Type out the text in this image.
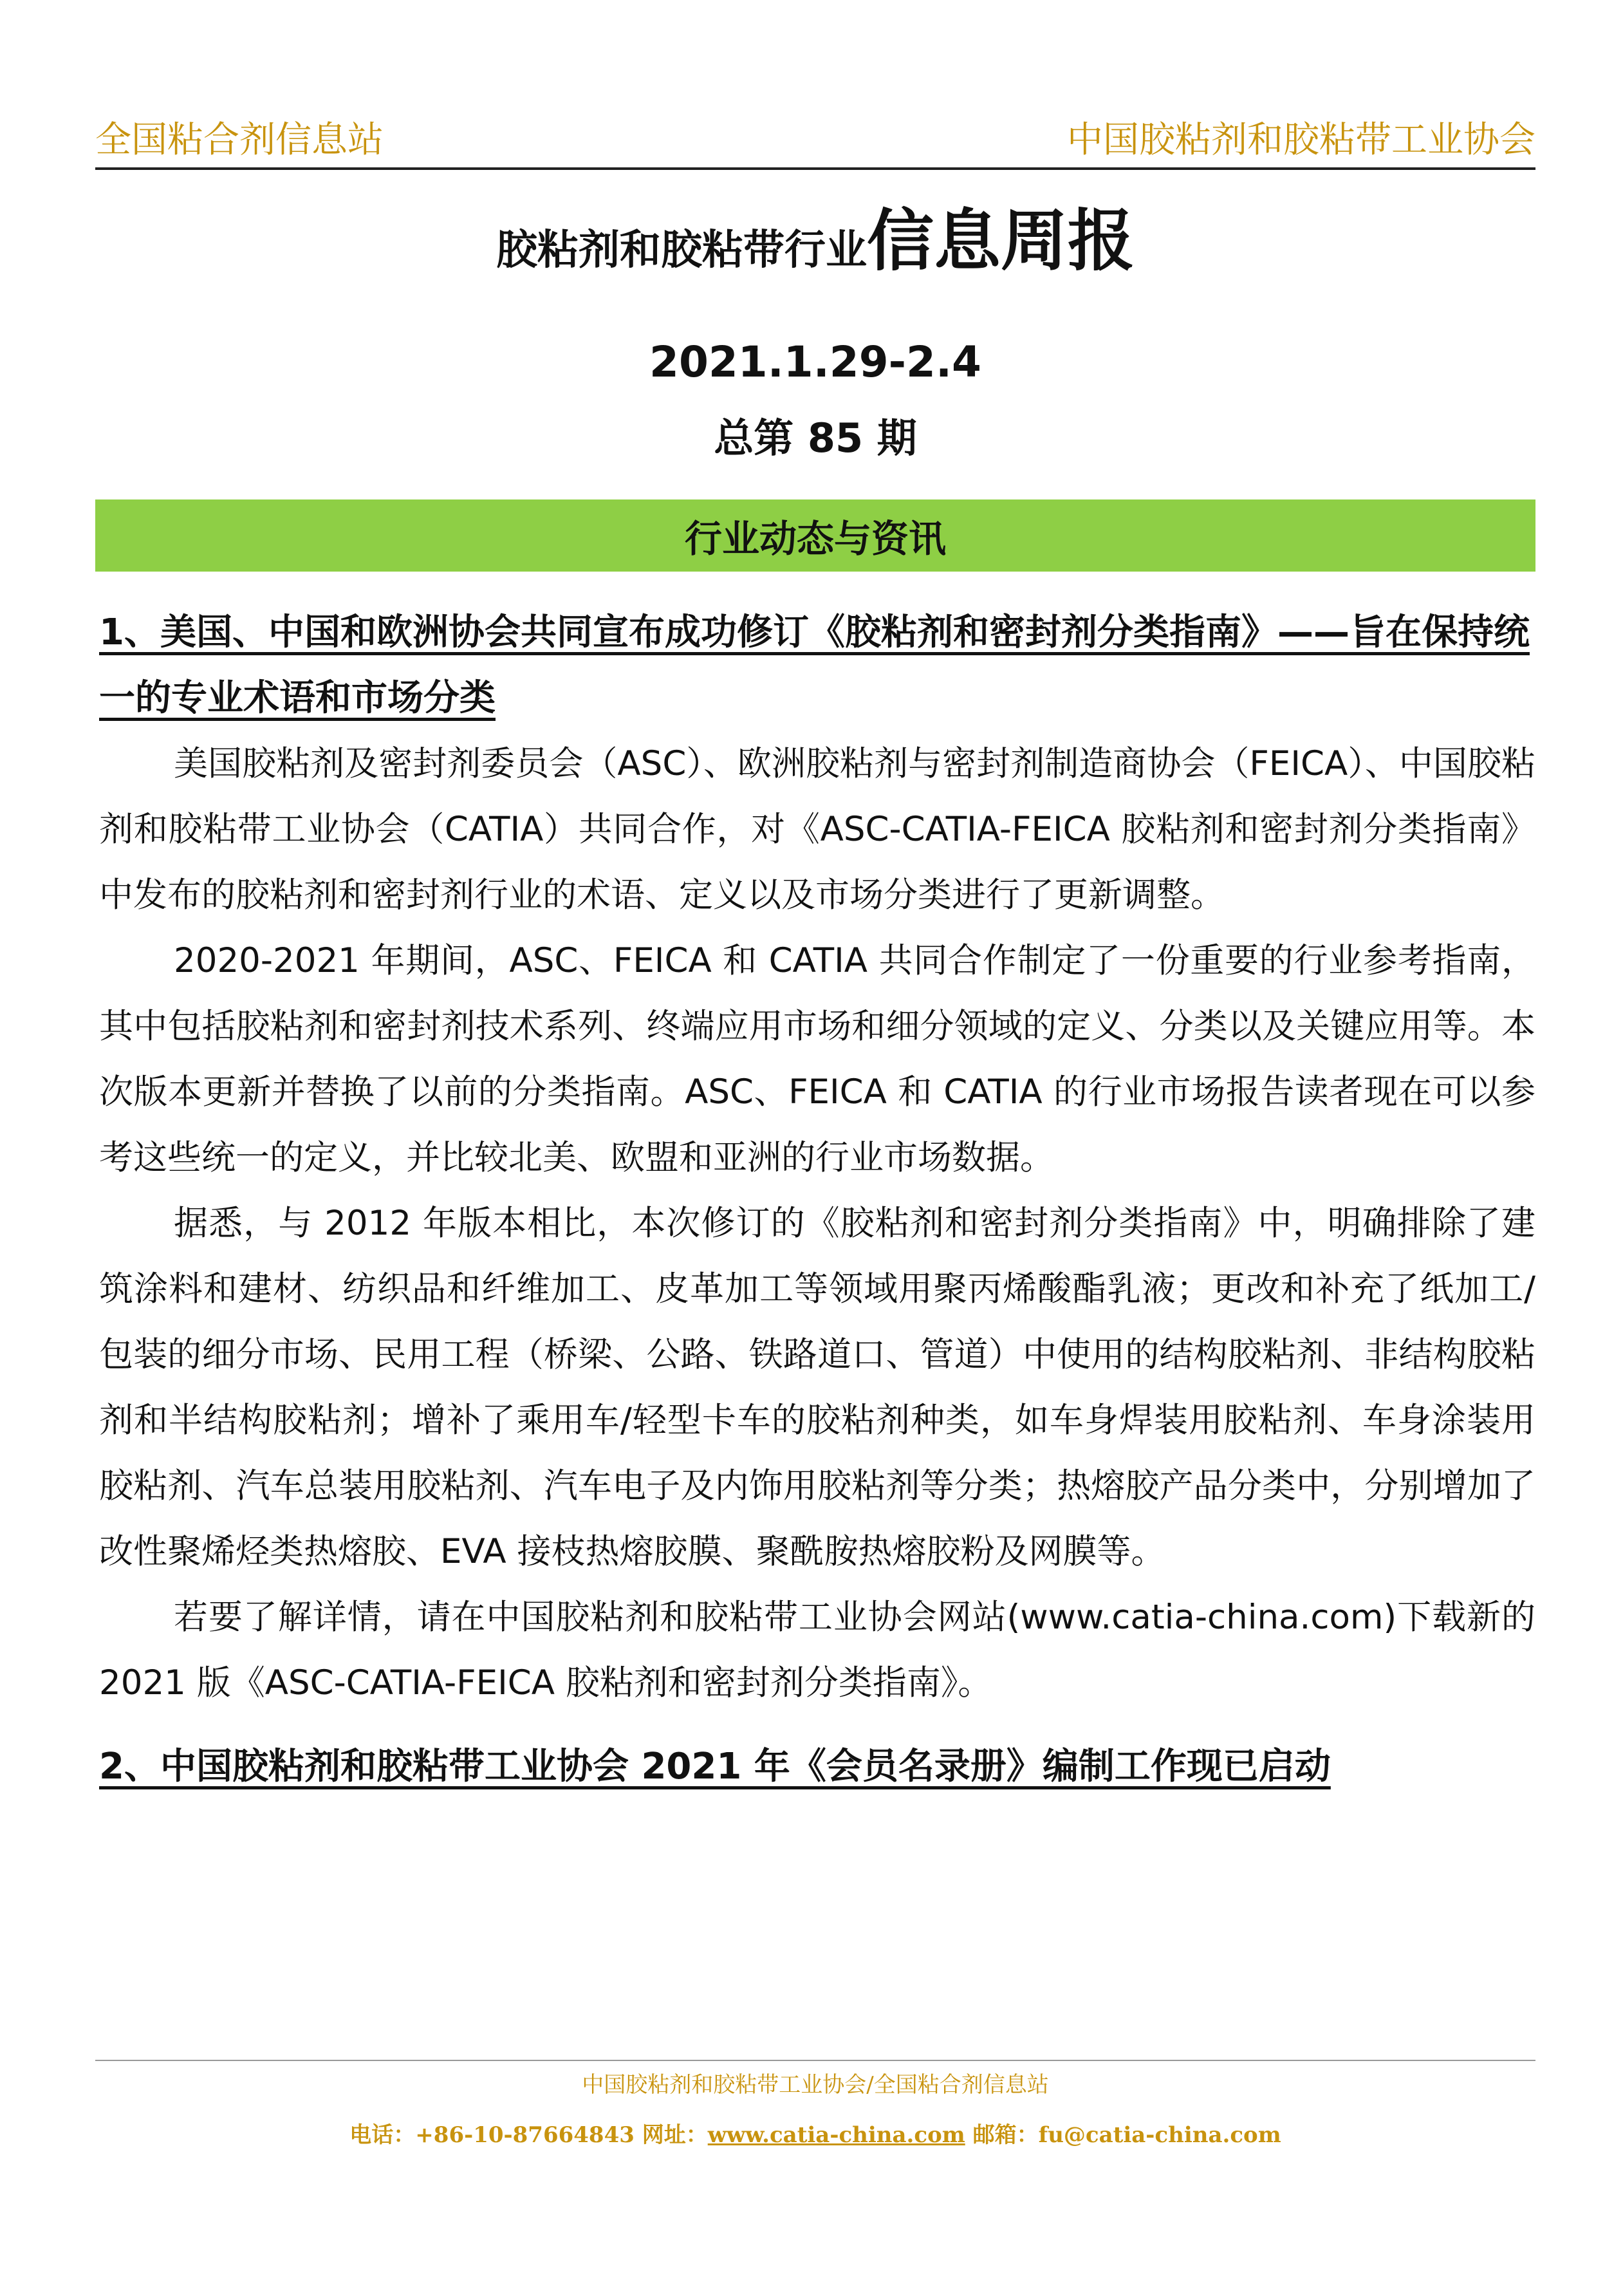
全国粘合剂信息站	中国胶粘剂和胶粘带工业协会
胶粘剂和胶粘带行业信息周报
2021.1.29-2.4
总第 85 期
行业动态与资讯

1、美国、中国和欧洲协会共同宣布成功修订《胶粘剂和密封剂分类指南》——旨在保持统一的专业术语和市场分类

美国胶粘剂及密封剂委员会（ASC）、欧洲胶粘剂与密封剂制造商协会（FEICA）、中国胶粘剂和胶粘带工业协会（CATIA）共同合作，对《ASC-CATIA-FEICA 胶粘剂和密封剂分类指南》中发布的胶粘剂和密封剂行业的术语、定义以及市场分类进行了更新调整。

2020-2021 年期间，ASC、FEICA 和 CATIA 共同合作制定了一份重要的行业参考指南，其中包括胶粘剂和密封剂技术系列、终端应用市场和细分领域的定义、分类以及关键应用等。本次版本更新并替换了以前的分类指南。ASC、FEICA 和 CATIA 的行业市场报告读者现在可以参考这些统一的定义，并比较北美、欧盟和亚洲的行业市场数据。

据悉，与 2012 年版本相比，本次修订的《胶粘剂和密封剂分类指南》中，明确排除了建筑涂料和建材、纺织品和纤维加工、皮革加工等领域用聚丙烯酸酯乳液；更改和补充了纸加工/包装的细分市场、民用工程（桥梁、公路、铁路道口、管道）中使用的结构胶粘剂、非结构胶粘剂和半结构胶粘剂；增补了乘用车/轻型卡车的胶粘剂种类，如车身焊装用胶粘剂、车身涂装用胶粘剂、汽车总装用胶粘剂、汽车电子及内饰用胶粘剂等分类；热熔胶产品分类中，分别增加了改性聚烯烃类热熔胶、EVA 接枝热熔胶膜、聚酰胺热熔胶粉及网膜等。

若要了解详情，请在中国胶粘剂和胶粘带工业协会网站(www.catia-china.com)下载新的 2021 版《ASC-CATIA-FEICA 胶粘剂和密封剂分类指南》。

2、中国胶粘剂和胶粘带工业协会 2021 年《会员名录册》编制工作现已启动

中国胶粘剂和胶粘带工业协会/全国粘合剂信息站
电话：+86-10-87664843 网址：www.catia-china.com 邮箱：fu@catia-china.com
